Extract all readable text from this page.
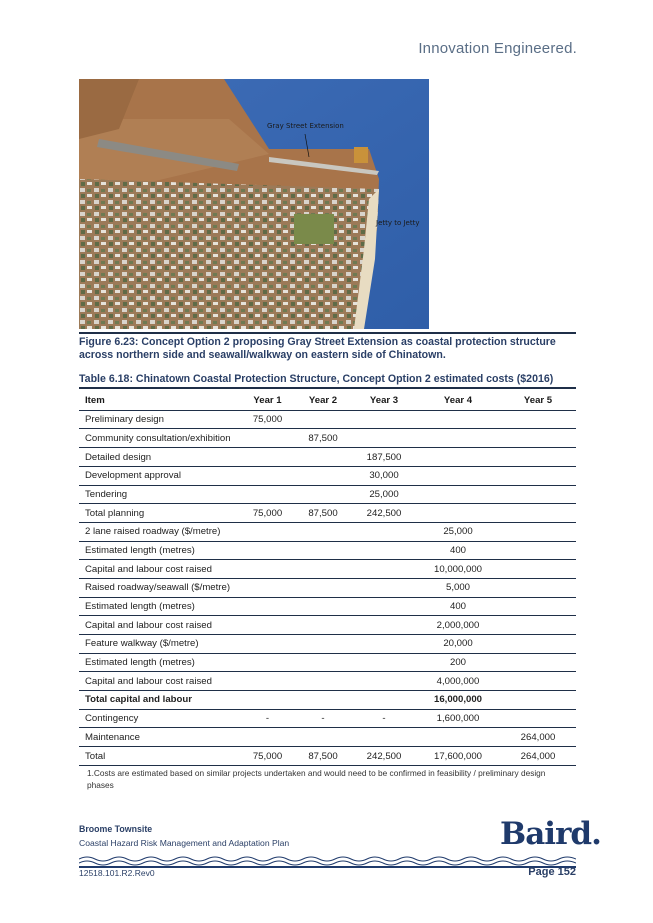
Innovation Engineered.
Gray Street Extension
Jetty to Jetty
Figure 6.23: Concept Option 2 proposing Gray Street Extension as coastal protection structure across northern side and seawall/walkway on eastern side of Chinatown.
Table 6.18: Chinatown Coastal Protection Structure, Concept Option 2 estimated costs ($2016)
Item	Year 1	Year 2	Year 3	Year 4	Year 5
Preliminary design	75,000				
Community consultation/exhibition		87,500			
Detailed design			187,500		
Development approval			30,000		
Tendering			25,000		
Total planning	75,000	87,500	242,500		
2 lane raised roadway ($/metre)				25,000	
Estimated length (metres)				400	
Capital and labour cost raised				10,000,000	
Raised roadway/seawall ($/metre)				5,000	
Estimated length (metres)				400	
Capital and labour cost raised				2,000,000	
Feature walkway ($/metre)				20,000	
Estimated length (metres)				200	
Capital and labour cost raised				4,000,000	
Total capital and labour				16,000,000	
Contingency	-	-	-	1,600,000	
Maintenance					264,000
Total	75,000	87,500	242,500	17,600,000	264,000
1.Costs are estimated based on similar projects undertaken and would need to be confirmed in feasibility / preliminary design phases
Broome Townsite
Coastal Hazard Risk Management and Adaptation Plan	Baird.
12518.101.R2.Rev0	Page 152
